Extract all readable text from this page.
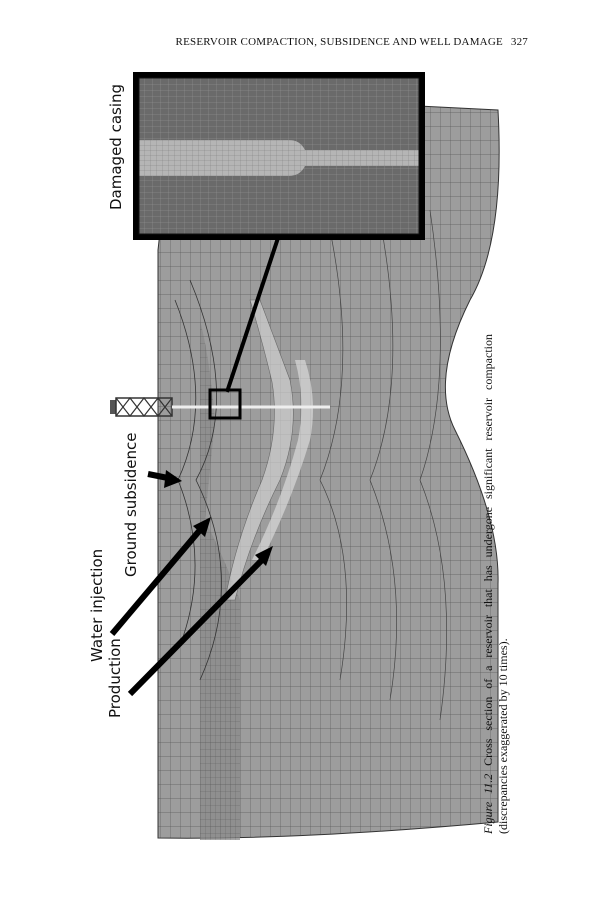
RESERVOIR COMPACTION, SUBSIDENCE AND WELL DAMAGE 327
Damaged casing
Ground subsidence
Water injection
Production
Figure 11.2 Cross section of a reservoir that has undergone significant reservoir compaction (discrepancies exaggerated by 10 times).
